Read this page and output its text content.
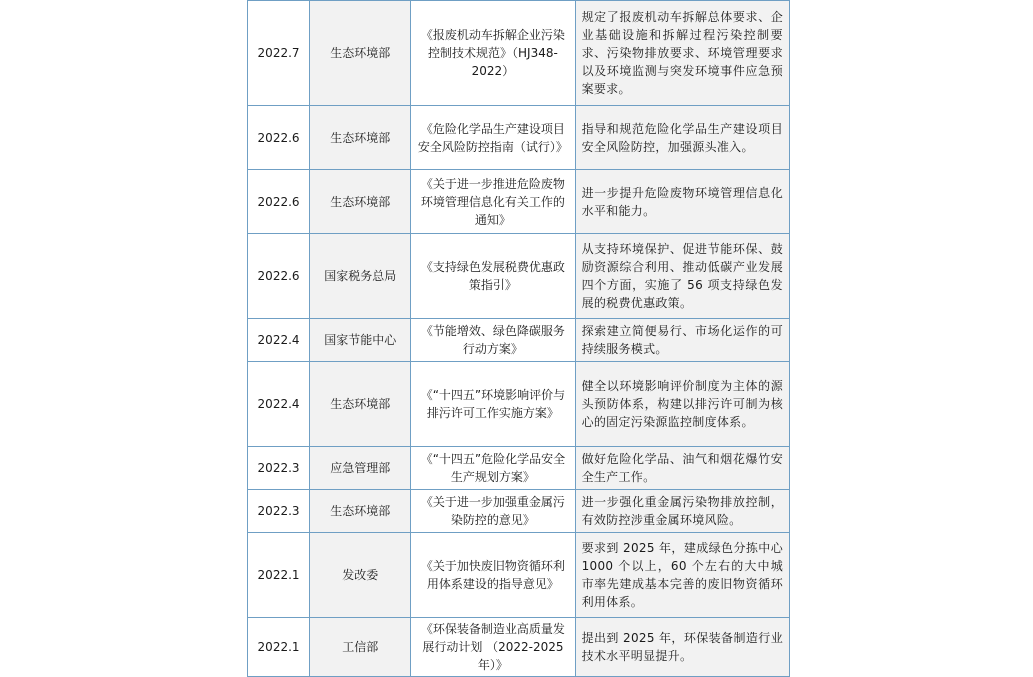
2022.7	生态环境部	《报废机动车拆解企业污染控制技术规范》（HJ348-2022）	规定了报废机动车拆解总体要求、企业基础设施和拆解过程污染控制要求、污染物排放要求、环境管理要求以及环境监测与突发环境事件应急预案要求。
2022.6	生态环境部	《危险化学品生产建设项目安全风险防控指南（试行）》	指导和规范危险化学品生产建设项目安全风险防控，加强源头准入。
2022.6	生态环境部	《关于进一步推进危险废物环境管理信息化有关工作的通知》	进一步提升危险废物环境管理信息化水平和能力。
2022.6	国家税务总局	《支持绿色发展税费优惠政策指引》	从支持环境保护、促进节能环保、鼓励资源综合利用、推动低碳产业发展四个方面，实施了 56 项支持绿色发展的税费优惠政策。
2022.4	国家节能中心	《节能增效、绿色降碳服务行动方案》	探索建立简便易行、市场化运作的可持续服务模式。
2022.4	生态环境部	《“十四五”环境影响评价与排污许可工作实施方案》	健全以环境影响评价制度为主体的源头预防体系，构建以排污许可制为核心的固定污染源监控制度体系。
2022.3	应急管理部	《“十四五”危险化学品安全生产规划方案》	做好危险化学品、油气和烟花爆竹安全生产工作。
2022.3	生态环境部	《关于进一步加强重金属污染防控的意见》	进一步强化重金属污染物排放控制，有效防控涉重金属环境风险。
2022.1	发改委	《关于加快废旧物资循环利用体系建设的指导意见》	要求到 2025 年，建成绿色分拣中心 1000 个以上，60 个左右的大中城市率先建成基本完善的废旧物资循环利用体系。
2022.1	工信部	《环保装备制造业高质量发展行动计划 （2022-2025 年）》	提出到 2025 年，环保装备制造行业技术水平明显提升。
